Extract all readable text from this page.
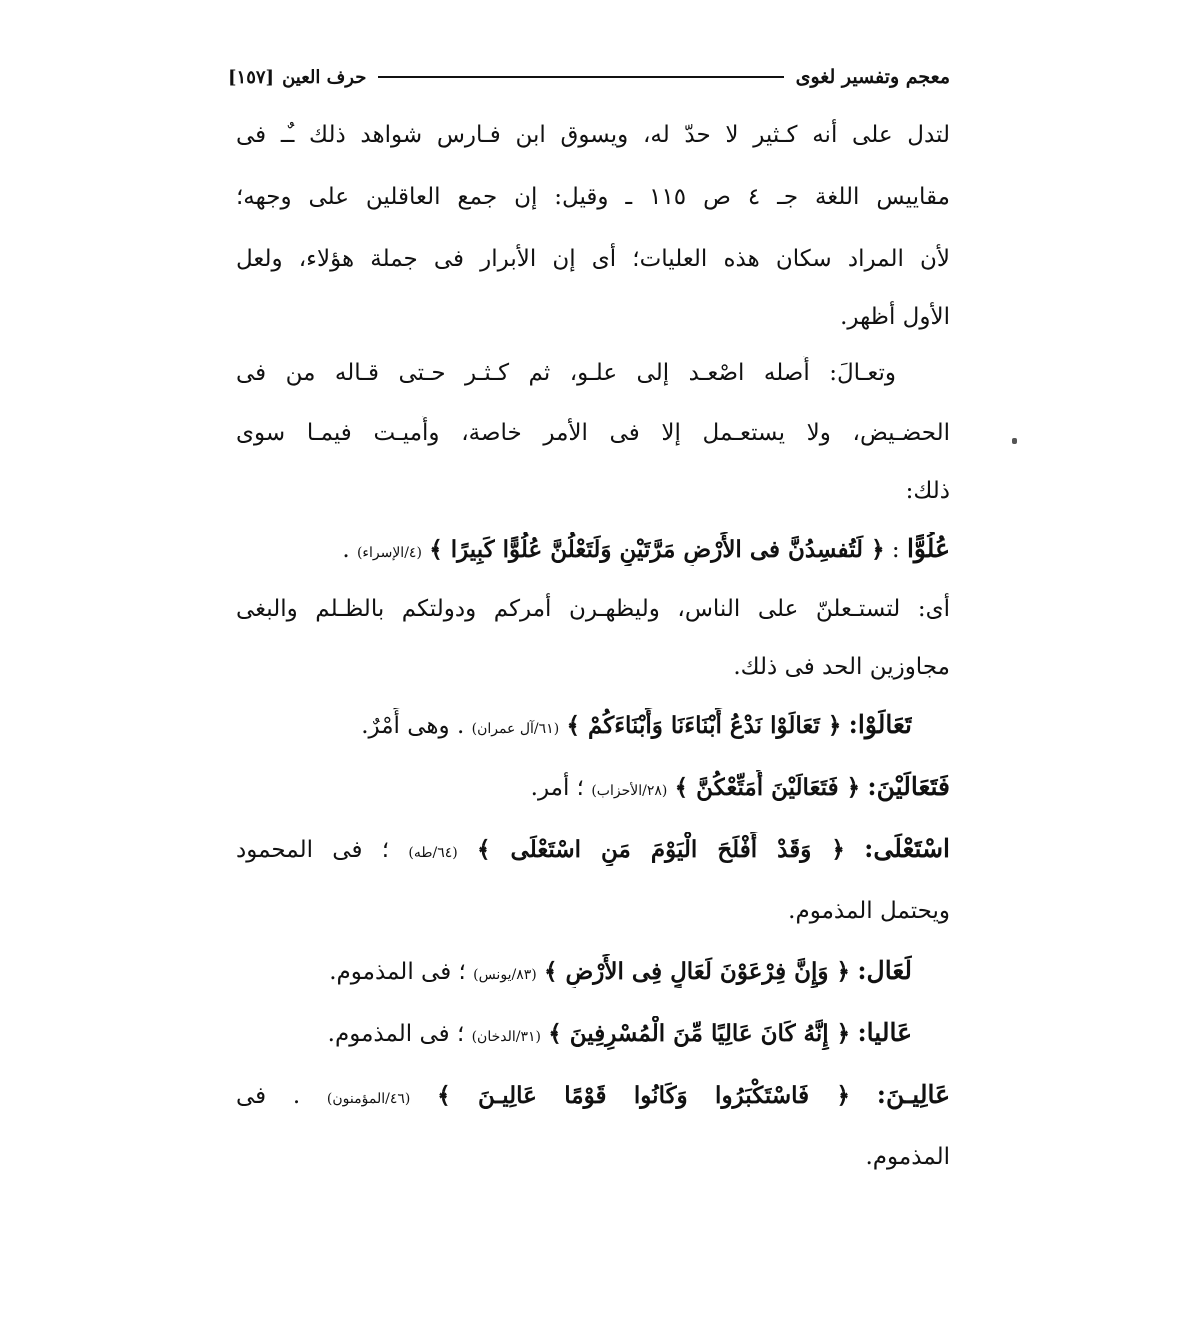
معجم وتفسير لغوى
حرف العين
[١٥٧]
لتدل على أنه كـثير لا حدّ له، ويسوق ابن فـارس شواهد ذلك ـٌـ فى
مقاييس اللغة جـ ٤ ص ١١٥ ـ وقيل: إن جمع العاقلين على وجهه؛
لأن المراد سكان هذه العليات؛ أى إن الأبرار فى جملة هؤلاء، ولعل
الأول أظهر.
وتعـالَ: أَصله اصْعـد إلى علـو، ثم كـثـر حـتى قـاله من فى
الحضـيض، ولا يستعـمل إلا فى الأمر خاصة، وأُميـت فيمـا سوى
ذلك:
عُلُوًّا : ﴿ لَتُفسِدُنَّ فى الأَرْضِ مَرَّتَيْنِ وَلَتَعْلُنَّ عُلُوًّا كَبِيرًا ﴾ (٤/الإسراء) .
أى: لتستـعلنّ على الناس، وليظهـرن أمركم ودولتكم بالظـلم والبغى
مجاوزين الحد فى ذلك.
تَعَالَوْا: ﴿ تَعَالَوْا نَدْعُ أَبْنَاءَنَا وَأَبْنَاءَكُمْ ﴾ (٦١/آل عمران) . وهى أَمْرٌ.
فَتَعَالَيْنَ: ﴿ فَتَعَالَيْنَ أُمَتِّعْكُنَّ ﴾ (٢٨/الأحزاب) ؛ أمر.
اسْتَعْلَى: ﴿ وَقَدْ أَفْلَحَ الْيَوْمَ مَنِ اسْتَعْلَى ﴾ (٦٤/طه) ؛ فى المحمود
ويحتمل المذموم.
لَعَال: ﴿ وَإِنَّ فِرْعَوْنَ لَعَالٍ فِى الأَرْضِ ﴾ (٨٣/يونس) ؛ فى المذموم.
عَاليا: ﴿ إِنَّهُ كَانَ عَالِيًا مِّنَ الْمُسْرِفِينَ ﴾ (٣١/الدخان) ؛ فى المذموم.
عَالِيـنَ: ﴿ فَاسْتَكْبَرُوا وَكَانُوا قَوْمًا عَالِيـنَ ﴾ (٤٦/المؤمنون) . فى
المذموم.
